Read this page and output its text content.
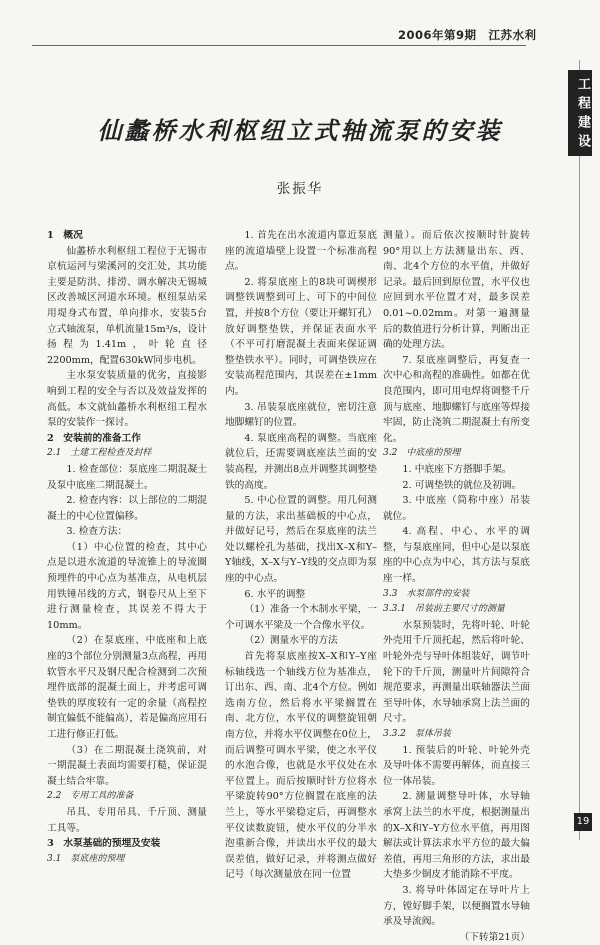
2006年第9期　江苏水利
工程建设
仙蠡桥水利枢纽立式轴流泵的安装
张振华

1　概况

仙蠡桥水利枢纽工程位于无锡市京杭运河与梁溪河的交汇处，其功能主要是防洪、排涝、调水解决无锡城区改善城区河道水环境。枢纽泵站采用堤身式布置，单向排水，安装5台立式轴流泵，单机流量15m³/s，设计扬程为1.41m，叶轮直径2200mm，配置630kW同步电机。

主水泵安装质量的优劣，直接影响到工程的安全与否以及效益发挥的高低。本文就仙蠡桥水利枢纽工程水泵的安装作一探讨。

2　安装前的准备工作

2.1　土建工程检查及封样

1. 检查部位：泵底座二期混凝土及泵中底座二期混凝土。

2. 检查内容：以上部位的二期混凝土的中心位置偏移。

3. 检查方法：

（1）中心位置的检查，其中心点是以进水流道的导流锥上的导流圈预埋件的中心点为基准点，从电机层用铁锤吊线的方式，钢卷尺从上至下进行测量检查，其误差不得大于10mm。

（2）在泵底座、中底座和上底座的3个部位分别测量3点高程，再用软管水平尺及钢尺配合检测到二次预埋件底部的混凝土面上，并考虑可调垫铁的厚度较有一定的余量（高程控制宜偏低不能偏高），若是偏高应用石工进行修正打低。

（3）在二期混凝土浇筑前，对一期混凝土表面均需要打糙，保证混凝土结合牢靠。

2.2　专用工具的准备

吊具、专用吊具、千斤顶、测量工具等。

3　水泵基础的预埋及安装

3.1　泵底座的预埋

1. 首先在出水流道内靠近泵底座的流道墙壁上设置一个标准高程点。

2. 将泵底座上的8块可调楔形调整铁调整到可上、可下的中间位置，并按8个方位（要让开螺钉孔）放好调整垫铁，并保证表面水平（不平可打磨混凝土表面来保证调整垫铁水平）。同时，可调垫铁应在安装高程范围内，其误差在±1mm内。

3. 吊装泵底座就位，密切注意地脚螺钉的位置。

4. 泵底座高程的调整。当底座就位后，还需要调底座法兰面的安装高程，并测出8点并调整其调整垫铁的高度。

5. 中心位置的调整。用几何测量的方法，求出基础板的中心点，并做好记号，然后在泵底座的法兰处以螺栓孔为基础，找出X–X和Y–Y轴线，X–X与Y–Y线的交点即为泵座的中心点。

6. 水平的调整

（1）准备一个木制水平梁，一个可调水平梁及一个合像水平仪。

（2）测量水平的方法

首先将泵底座按X–X和Y–Y座标轴线选一个轴线方位为基准点，订出东、西、南、北4个方位。例如选南方位，然后将水平梁搁置在南、北方位，水平仪的调整旋钮朝南方位，并将水平仪调整在0位上，而后调整可调水平梁，使之水平仪的水泡合像，也就是水平仪处在水平位置上。而后按顺时针方位将水平梁旋转90°方位搁置在底座的法兰上，等水平梁稳定后，再调整水平仪读数旋钮，使水平仪的分半水泡重新合像，并读出水平仪的最大误差值，做好记录，并将测点做好记号（每次测量放在同一位置

测量）。而后依次按顺时针旋转90°用以上方法测量出东、西、南、北4个方位的水平值，并做好记录。最后回到原位置，水平仪也应回到水平位置才对，最多误差0.01~0.02mm。对第一遍测量后的数值进行分析计算，判断出正确的处理方法。

7. 泵底座调整后，再复查一次中心和高程的准确性。如都在优良范围内，即可用电焊将调整千斤顶与底座、地脚螺钉与底座等焊接牢固，防止浇筑二期混凝土有所变化。

3.2　中底座的预埋

1. 中底座下方搭脚手架。

2. 可调垫铁的就位及初调。

3. 中底座（筒称中座）吊装就位。

4. 高程、中心、水平的调整，与泵底座同，但中心是以泵底座的中心点为中心，其方法与泵底座一样。

3.3　水泵部件的安装

3.3.1　吊装前主要尺寸的测量

水泵预装时，先将叶轮、叶轮外壳用千斤顶托起，然后将叶轮、叶轮外壳与导叶体组装好，调节叶轮下的千斤顶，测量叶片间隙符合规范要求，再测量出联轴器法兰面至导叶体，水导轴承窝上法兰面的尺寸。

3.3.2　泵体吊装

1. 预装后的叶轮、叶轮外壳及导叶体不需要再解体，而直接三位一体吊装。

2. 测量调整导叶体，水导轴承窝上法兰的水平度，根据测量出的X–X和Y–Y方位水平值，再用图解法或计算法求水平方位的最大偏差值，再用三角形的方法，求出最大垫多少铜皮才能消除不平度。

3. 将导叶体固定在导叶片上方，镗好脚手架，以便搁置水导轴承及导流阀。

（下转第21页）

19
